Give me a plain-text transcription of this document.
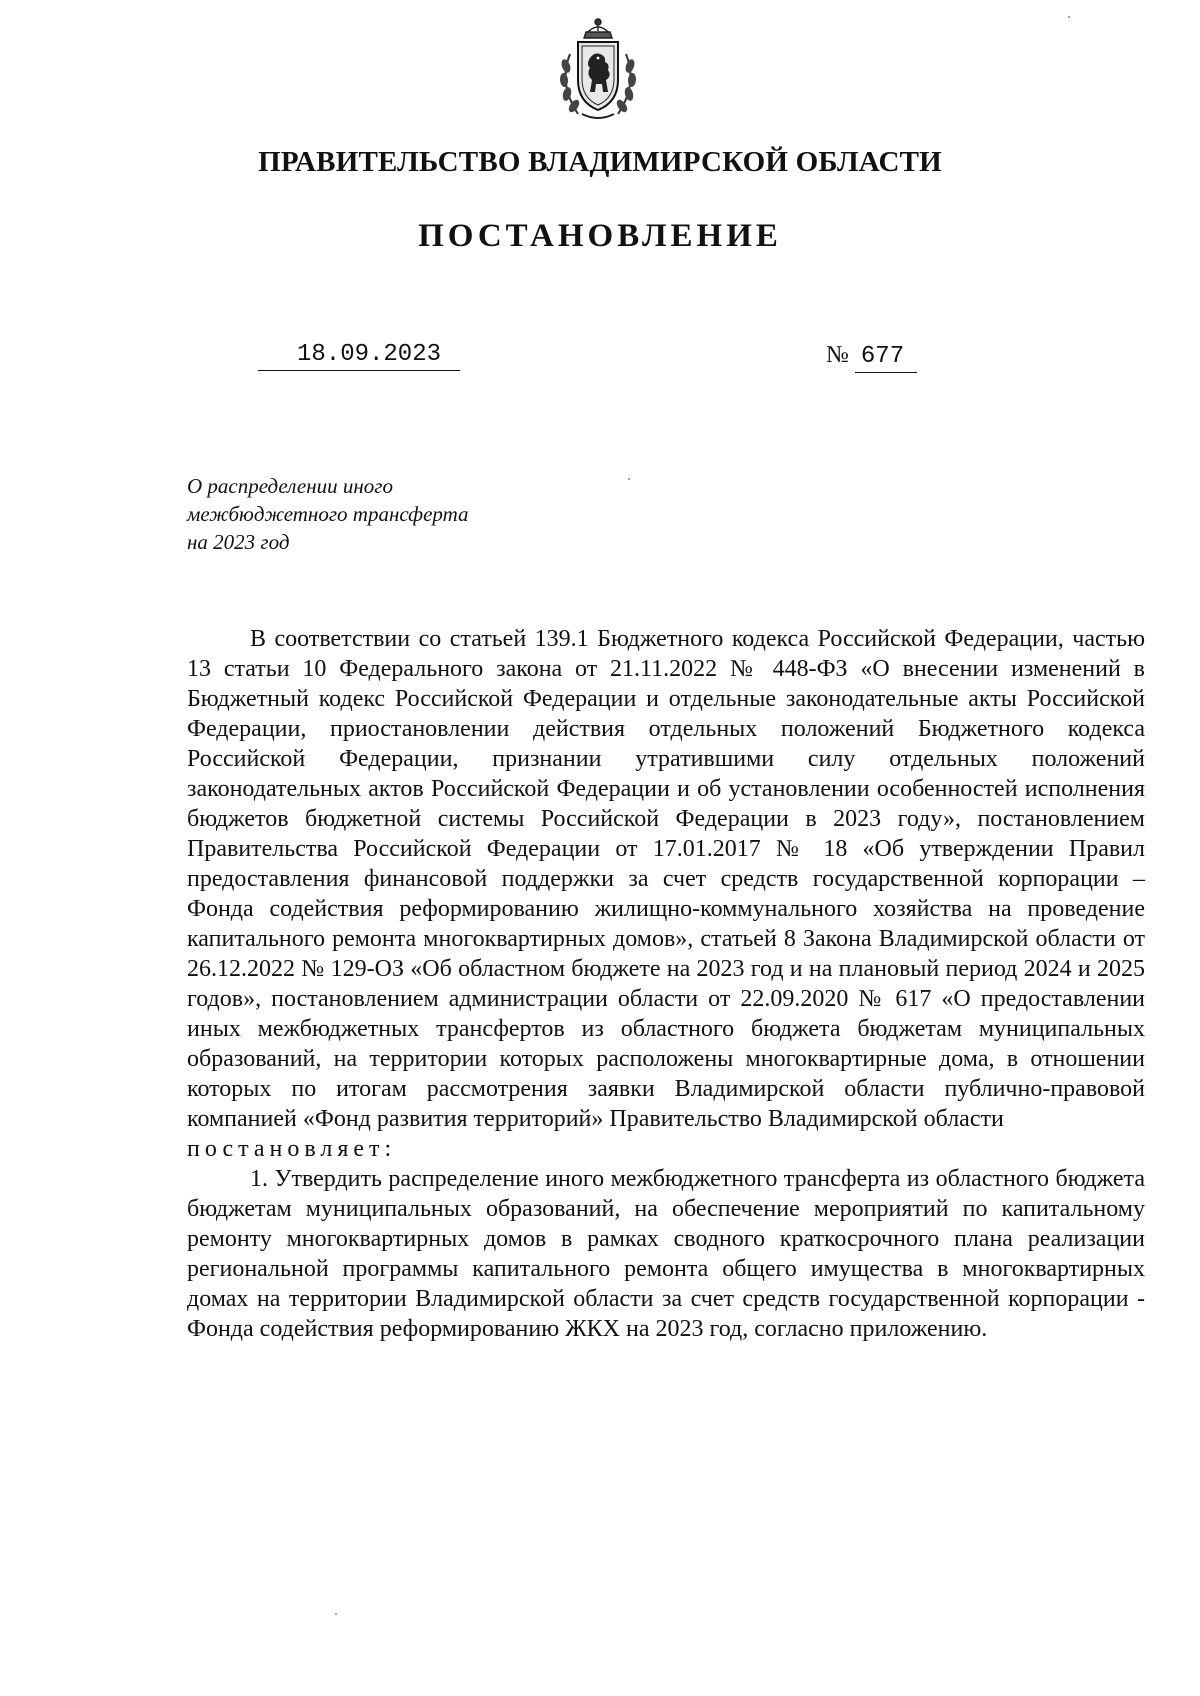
ПРАВИТЕЛЬСТВО ВЛАДИМИРСКОЙ ОБЛАСТИ
ПОСТАНОВЛЕНИЕ
18.09.2023	№ 677
О распределении иного
межбюджетного трансферта
на 2023 год

В соответствии со статьей 139.1 Бюджетного кодекса Российской Федерации, частью 13 статьи 10 Федерального закона от 21.11.2022 № 448-ФЗ «О внесении изменений в Бюджетный кодекс Российской Федерации и отдельные законодательные акты Российской Федерации, приостановлении действия отдельных положений Бюджетного кодекса Российской Федерации, признании утратившими силу отдельных положений законодательных актов Российской Федерации и об установлении особенностей исполнения бюджетов бюджетной системы Российской Федерации в 2023 году», постановлением Правительства Российской Федерации от 17.01.2017 № 18 «Об утверждении Правил предоставления финансовой поддержки за счет средств государственной корпорации – Фонда содействия реформированию жилищно-коммунального хозяйства на проведение капитального ремонта многоквартирных домов», статьей 8 Закона Владимирской области от 26.12.2022 № 129-ОЗ «Об областном бюджете на 2023 год и на плановый период 2024 и 2025 годов», постановлением администрации области от 22.09.2020 № 617 «О предоставлении иных межбюджетных трансфертов из областного бюджета бюджетам муниципальных образований, на территории которых расположены многоквартирные дома, в отношении которых по итогам рассмотрения заявки Владимирской области публично-правовой компанией «Фонд развития территорий» Правительство Владимирской области

постановляет:

1. Утвердить распределение иного межбюджетного трансферта из областного бюджета бюджетам муниципальных образований, на обеспечение мероприятий по капитальному ремонту многоквартирных домов в рамках сводного краткосрочного плана реализации региональной программы капитального ремонта общего имущества в многоквартирных домах на территории Владимирской области за счет средств государственной корпорации - Фонда содействия реформированию ЖКХ на 2023 год, согласно приложению.
